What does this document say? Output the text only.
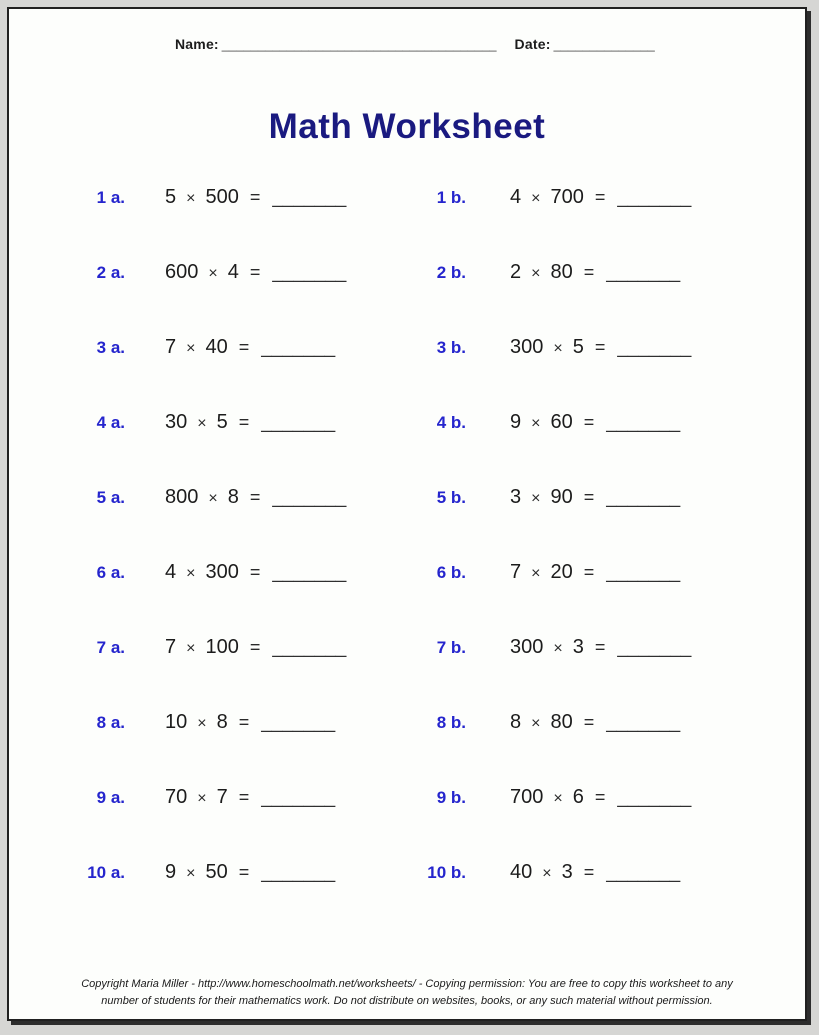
Name: ______________________________________ Date: ______________
Math Worksheet
1 a. 5 × 500 = _______	1 b. 4 × 700 = _______
2 a. 600 × 4 = _______	2 b. 2 × 80 = _______
3 a. 7 × 40 = _______	3 b. 300 × 5 = _______
4 a. 30 × 5 = _______	4 b. 9 × 60 = _______
5 a. 800 × 8 = _______	5 b. 3 × 90 = _______
6 a. 4 × 300 = _______	6 b. 7 × 20 = _______
7 a. 7 × 100 = _______	7 b. 300 × 3 = _______
8 a. 10 × 8 = _______	8 b. 8 × 80 = _______
9 a. 70 × 7 = _______	9 b. 700 × 6 = _______
10 a. 9 × 50 = _______	10 b. 40 × 3 = _______
Copyright Maria Miller - http://www.homeschoolmath.net/worksheets/ - Copying permission: You are free to copy this worksheet to any
number of students for their mathematics work. Do not distribute on websites, books, or any such material without permission.
